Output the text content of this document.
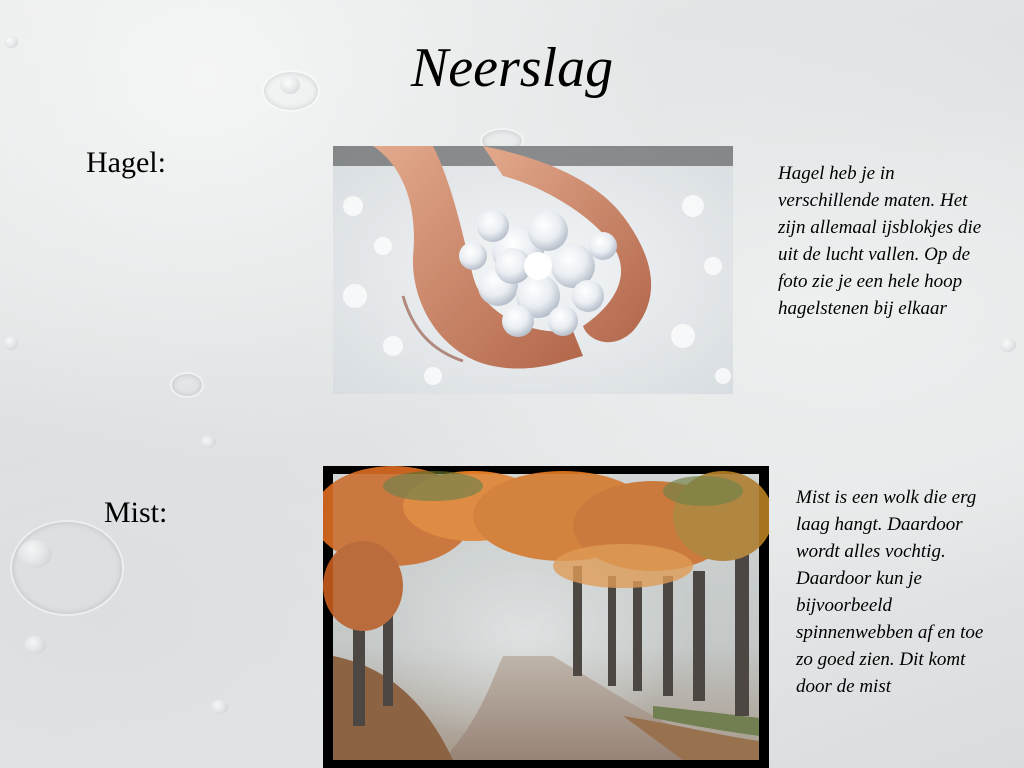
Neerslag
Hagel:	Hagel heb je in verschillende maten. Het zijn allemaal ijsblokjes die uit de lucht vallen. Op de foto zie je een hele hoop hagelstenen bij elkaar
Mist:	Mist is een wolk die erg laag hangt. Daardoor wordt alles vochtig. Daardoor kun je bijvoorbeeld spinnenwebben af en toe zo goed zien. Dit komt door de mist
